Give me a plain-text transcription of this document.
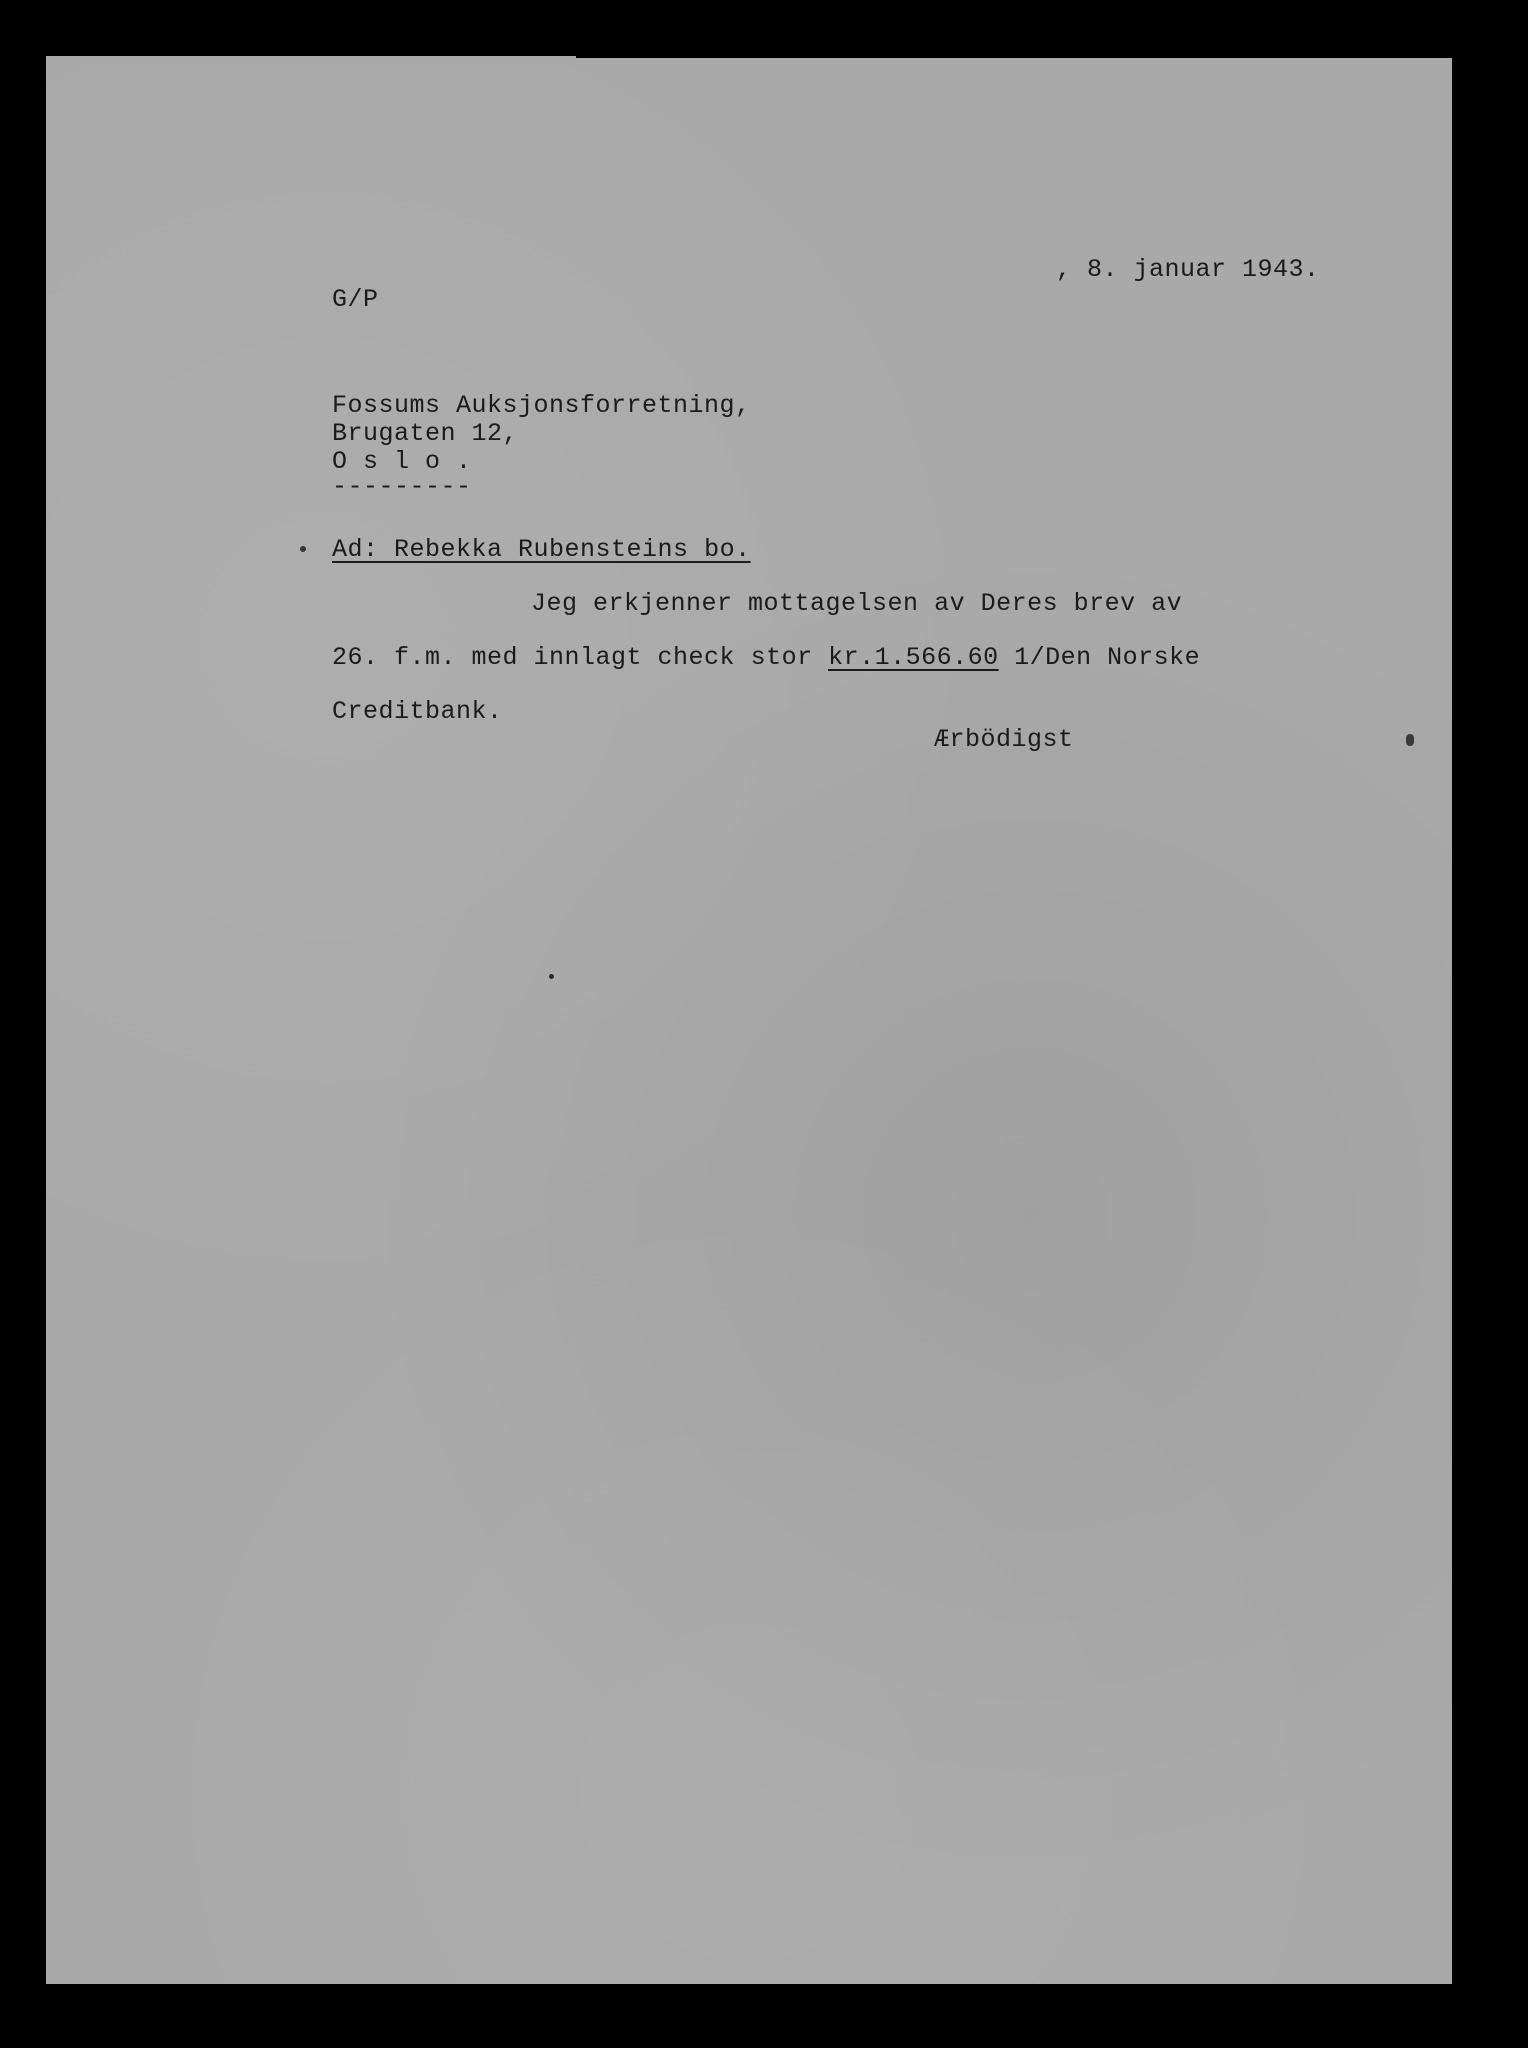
, 8. januar 1943.
G/P
Fossums Auksjonsforretning,
Brugaten 12,
O s l o .
---------
Ad: Rebekka Rubensteins bo.
Jeg erkjenner mottagelsen av Deres brev av
26. f.m. med innlagt check stor kr.1.566.60 1/Den Norske
Creditbank.
Ærbödigst
